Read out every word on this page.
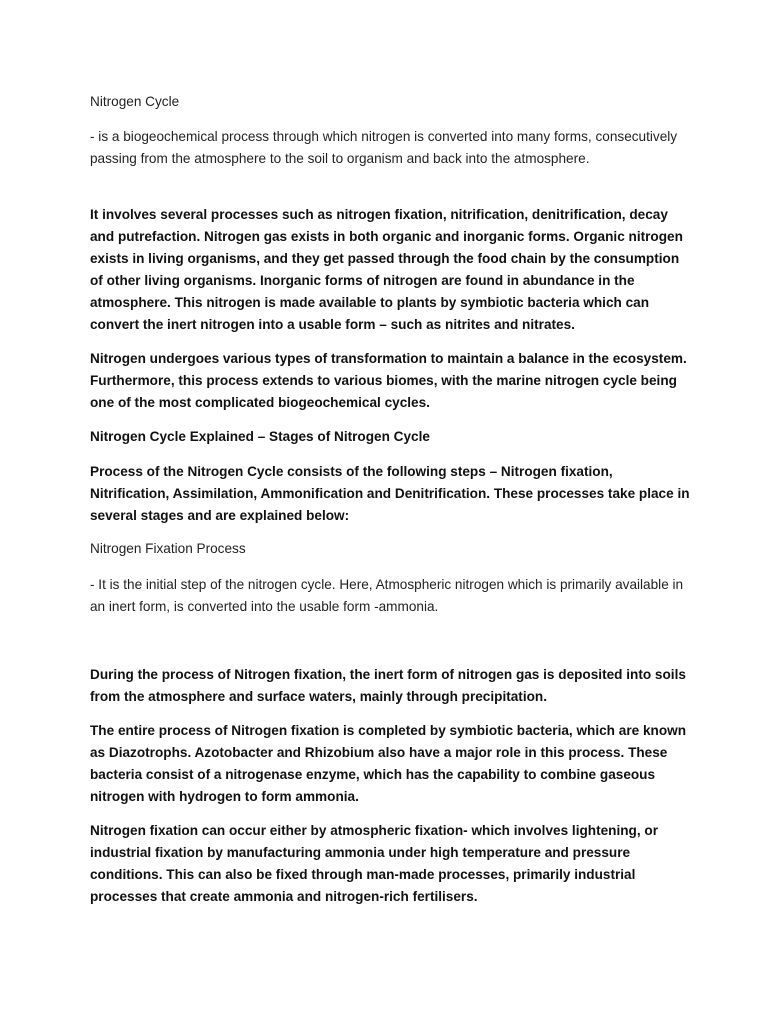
Nitrogen Cycle

- is a biogeochemical process through which nitrogen is converted into many forms, consecutively passing from the atmosphere to the soil to organism and back into the atmosphere.

It involves several processes such as nitrogen fixation, nitrification, denitrification, decay and putrefaction. Nitrogen gas exists in both organic and inorganic forms. Organic nitrogen exists in living organisms, and they get passed through the food chain by the consumption of other living organisms. Inorganic forms of nitrogen are found in abundance in the atmosphere. This nitrogen is made available to plants by symbiotic bacteria which can convert the inert nitrogen into a usable form – such as nitrites and nitrates.

Nitrogen undergoes various types of transformation to maintain a balance in the ecosystem. Furthermore, this process extends to various biomes, with the marine nitrogen cycle being one of the most complicated biogeochemical cycles.

Nitrogen Cycle Explained – Stages of Nitrogen Cycle

Process of the Nitrogen Cycle consists of the following steps – Nitrogen fixation, Nitrification, Assimilation, Ammonification and Denitrification. These processes take place in several stages and are explained below:

Nitrogen Fixation Process

- It is the initial step of the nitrogen cycle. Here, Atmospheric nitrogen which is primarily available in an inert form, is converted into the usable form -ammonia.

During the process of Nitrogen fixation, the inert form of nitrogen gas is deposited into soils from the atmosphere and surface waters, mainly through precipitation.

The entire process of Nitrogen fixation is completed by symbiotic bacteria, which are known as Diazotrophs. Azotobacter and Rhizobium also have a major role in this process. These bacteria consist of a nitrogenase enzyme, which has the capability to combine gaseous nitrogen with hydrogen to form ammonia.

Nitrogen fixation can occur either by atmospheric fixation- which involves lightening, or industrial fixation by manufacturing ammonia under high temperature and pressure conditions. This can also be fixed through man-made processes, primarily industrial processes that create ammonia and nitrogen-rich fertilisers.
